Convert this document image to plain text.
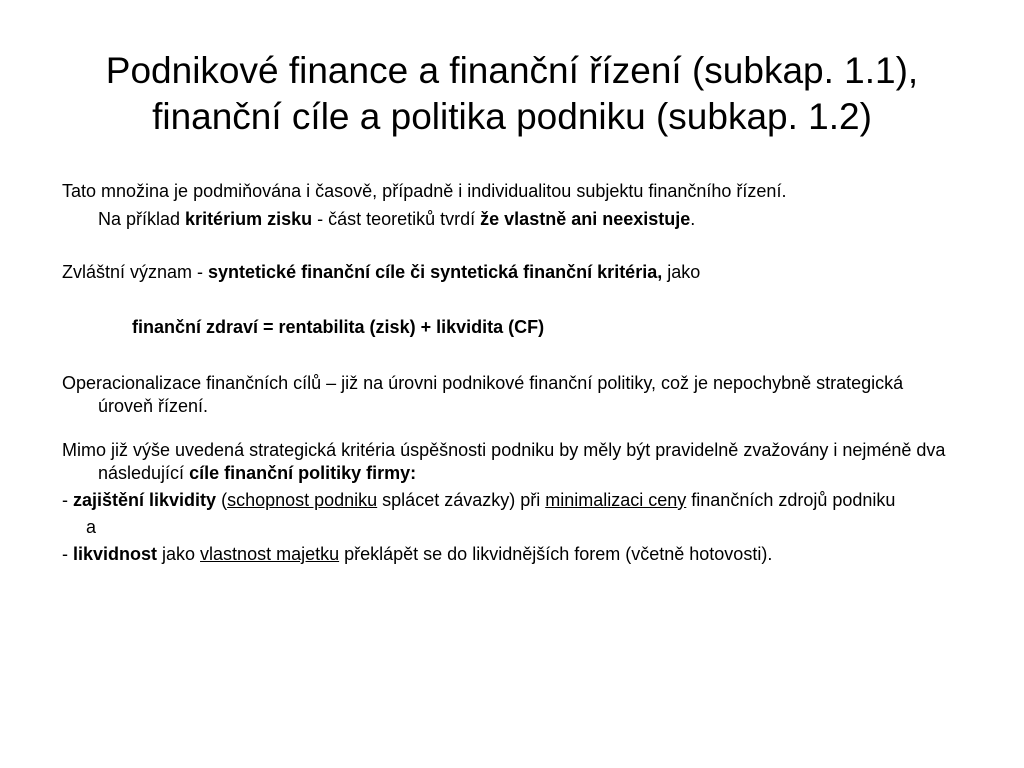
Podnikové finance a finanční řízení (subkap. 1.1),
finanční cíle a politika podniku (subkap. 1.2)
Tato množina je podmiňována i časově, případně i individualitou subjektu finančního řízení.
Na příklad kritérium zisku - část teoretiků tvrdí že vlastně ani neexistuje.
Zvláštní význam - syntetické finanční cíle či syntetická finanční kritéria, jako
finanční zdraví = rentabilita (zisk) + likvidita (CF)
Operacionalizace finančních cílů – již na úrovni podnikové finanční politiky, což je nepochybně strategická úroveň řízení.
Mimo již výše uvedená strategická kritéria úspěšnosti podniku by měly být pravidelně zvažovány i nejméně dva následující cíle finanční politiky firmy:
- zajištění likvidity (schopnost podniku splácet závazky) při minimalizaci ceny finančních zdrojů podniku
a
- likvidnost jako vlastnost majetku překlápět se do likvidnějších forem (včetně hotovosti).
